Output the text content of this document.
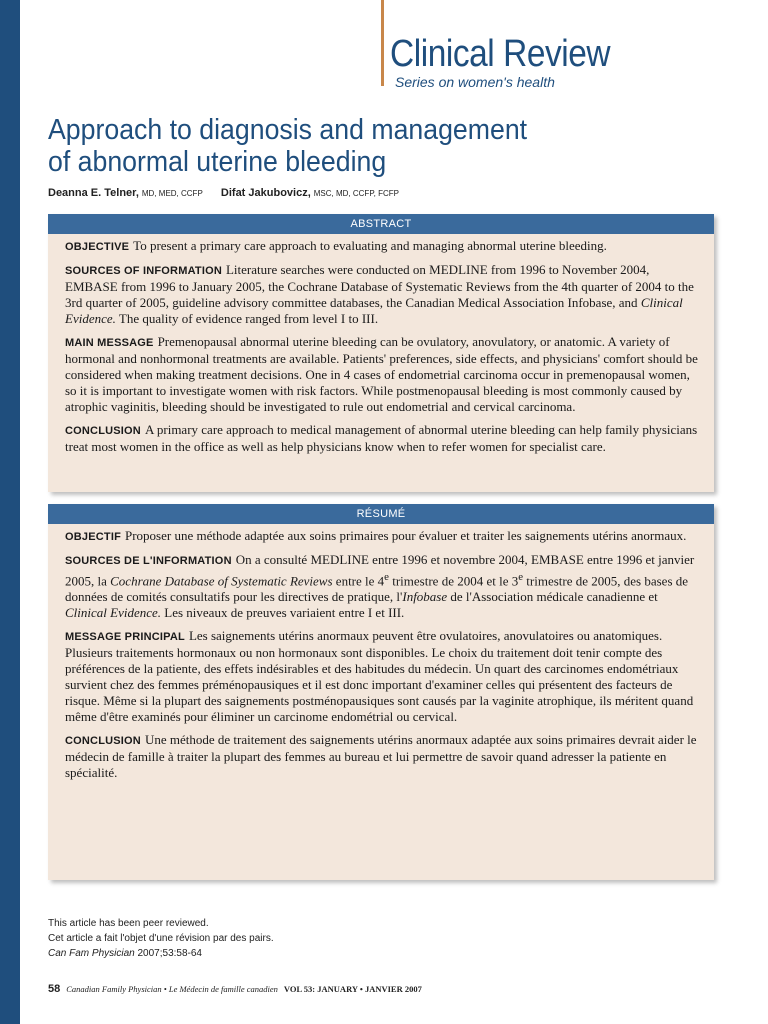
Clinical Review
Series on women's health
Approach to diagnosis and management
of abnormal uterine bleeding
Deanna E. Telner, MD, MED, CCFP Difat Jakubovicz, MSC, MD, CCFP, FCFP
ABSTRACT

OBJECTIVE To present a primary care approach to evaluating and managing abnormal uterine bleeding.

SOURCES OF INFORMATION Literature searches were conducted on MEDLINE from 1996 to November 2004, EMBASE from 1996 to January 2005, the Cochrane Database of Systematic Reviews from the 4th quarter of 2004 to the 3rd quarter of 2005, guideline advisory committee databases, the Canadian Medical Association Infobase, and Clinical Evidence. The quality of evidence ranged from level I to III.

MAIN MESSAGE Premenopausal abnormal uterine bleeding can be ovulatory, anovulatory, or anatomic. A variety of hormonal and nonhormonal treatments are available. Patients' preferences, side effects, and physicians' comfort should be considered when making treatment decisions. One in 4 cases of endometrial carcinoma occur in premenopausal women, so it is important to investigate women with risk factors. While postmenopausal bleeding is most commonly caused by atrophic vaginitis, bleeding should be investigated to rule out endometrial and cervical carcinoma.

CONCLUSION A primary care approach to medical management of abnormal uterine bleeding can help family physicians treat most women in the office as well as help physicians know when to refer women for specialist care.

RÉSUMÉ

OBJECTIF Proposer une méthode adaptée aux soins primaires pour évaluer et traiter les saignements utérins anormaux.

SOURCES DE L'INFORMATION On a consulté MEDLINE entre 1996 et novembre 2004, EMBASE entre 1996 et janvier 2005, la Cochrane Database of Systematic Reviews entre le 4e trimestre de 2004 et le 3e trimestre de 2005, des bases de données de comités consultatifs pour les directives de pratique, l'Infobase de l'Association médicale canadienne et Clinical Evidence. Les niveaux de preuves variaient entre I et III.

MESSAGE PRINCIPAL Les saignements utérins anormaux peuvent être ovulatoires, anovulatoires ou anatomiques. Plusieurs traitements hormonaux ou non hormonaux sont disponibles. Le choix du traitement doit tenir compte des préférences de la patiente, des effets indésirables et des habitudes du médecin. Un quart des carcinomes endométriaux survient chez des femmes préménopausiques et il est donc important d'examiner celles qui présentent des facteurs de risque. Même si la plupart des saignements postménopausiques sont causés par la vaginite atrophique, ils méritent quand même d'être examinés pour éliminer un carcinome endométrial ou cervical.

CONCLUSION Une méthode de traitement des saignements utérins anormaux adaptée aux soins primaires devrait aider le médecin de famille à traiter la plupart des femmes au bureau et lui permettre de savoir quand adresser la patiente en spécialité.

This article has been peer reviewed.
Cet article a fait l'objet d'une révision par des pairs.
Can Fam Physician 2007;53:58-64
58 Canadian Family Physician • Le Médecin de famille canadien VOL 53: JANUARY • JANVIER 2007
